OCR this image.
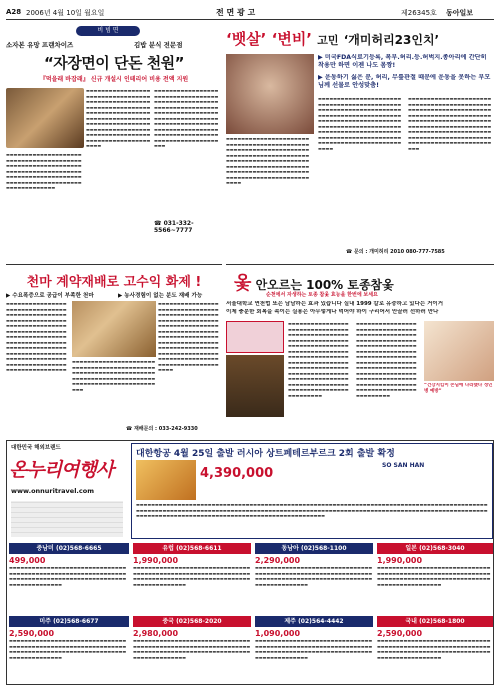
A28 2006년 4월 10일 월요일	전 면 광 고	제26345호 동아일보
비 빔 면
소자본 유망 프랜차이즈	김밥 분식 전문점
“자장면이 단돈 천원”
『먹을래 바잡래』 신규 개설시 인테리어 비용 전액 지원
▬▬▬▬▬▬▬▬▬▬▬▬▬▬▬▬▬▬▬▬▬▬▬▬▬▬▬▬▬▬▬▬▬▬▬▬▬▬▬▬▬▬▬▬▬▬▬▬▬▬▬▬▬▬▬▬▬▬▬▬▬▬▬▬▬▬▬▬▬▬▬▬▬▬▬▬▬▬▬▬▬▬▬▬▬▬▬▬▬▬▬▬▬▬▬▬▬▬▬▬▬▬▬▬▬▬▬▬▬▬▬▬▬▬▬▬▬▬▬▬▬▬▬▬▬▬▬▬▬▬▬▬▬▬▬▬▬▬▬▬▬▬▬▬▬▬▬▬▬▬▬▬▬▬▬▬▬▬▬▬▬▬▬▬▬▬▬▬▬▬▬▬▬▬
▬▬▬▬▬▬▬▬▬▬▬▬▬▬▬▬▬▬▬▬▬▬▬▬▬▬▬▬▬▬▬▬▬▬▬▬▬▬▬▬▬▬▬▬▬▬▬▬▬▬▬▬▬▬▬▬▬▬▬▬▬▬▬▬▬▬▬▬▬▬▬▬▬▬▬▬▬▬▬▬▬▬▬▬▬▬▬▬▬▬▬▬▬▬▬▬▬▬▬▬▬▬▬▬▬▬▬▬▬▬▬▬▬▬▬▬▬▬▬▬▬▬▬▬▬▬▬▬▬▬▬▬▬▬▬▬▬▬▬▬▬▬▬▬▬▬▬▬▬▬▬▬▬▬▬▬▬▬▬▬▬▬▬▬▬▬▬▬▬▬▬▬▬
▬▬▬▬▬▬▬▬▬▬▬▬▬▬▬▬▬▬▬▬▬▬▬▬▬▬▬▬▬▬▬▬▬▬▬▬▬▬▬▬▬▬▬▬▬▬▬▬▬▬▬▬▬▬▬▬▬▬▬▬▬▬▬▬▬▬▬▬▬▬▬▬▬▬▬▬▬▬▬▬▬▬▬▬▬▬▬▬▬▬▬▬▬▬▬▬▬▬▬▬▬▬▬▬▬▬▬▬▬▬▬▬▬▬▬▬▬▬▬▬▬▬▬▬▬▬▬▬▬▬▬▬▬
☎ 031-332-5566~7777
‘뱃살’ ‘변비’ 고민 ‘개미허리23인치’
▶ 미국FDA식료기등록, 복부.허리.등.허벅지.종아리에 간단히 착용만 하면 이젠 나도 몸짱!
▶ 운동하기 싫은 분, 허리, 무릎관절 때문에 운동을 못하는 부모님께 선물로 안성맞춤!
▬▬▬▬▬▬▬▬▬▬▬▬▬▬▬▬▬▬▬▬▬▬▬▬▬▬▬▬▬▬▬▬▬▬▬▬▬▬▬▬▬▬▬▬▬▬▬▬▬▬▬▬▬▬▬▬▬▬▬▬▬▬▬▬▬▬▬▬▬▬▬▬▬▬▬▬▬▬▬▬▬▬▬▬▬▬▬▬▬▬▬▬▬▬▬▬▬▬▬▬▬▬▬▬▬▬▬▬▬▬▬▬▬▬▬▬▬▬▬▬▬▬▬▬▬▬▬▬▬▬▬▬▬▬▬▬▬▬▬▬▬▬▬▬▬▬▬▬▬▬▬▬▬▬▬▬▬▬▬▬▬▬▬▬▬▬▬▬▬▬▬▬▬▬▬▬▬▬▬▬
▬▬▬▬▬▬▬▬▬▬▬▬▬▬▬▬▬▬▬▬▬▬▬▬▬▬▬▬▬▬▬▬▬▬▬▬▬▬▬▬▬▬▬▬▬▬▬▬▬▬▬▬▬▬▬▬▬▬▬▬▬▬▬▬▬▬▬▬▬▬▬▬▬▬▬▬▬▬▬▬▬▬▬▬▬▬▬▬▬▬▬▬▬▬▬▬▬▬▬▬▬▬▬▬▬▬▬▬▬▬▬▬▬▬▬▬▬▬▬▬▬▬▬▬▬▬▬▬▬▬▬▬▬▬▬▬▬▬▬▬▬▬▬▬▬▬▬▬▬▬▬▬▬▬▬▬▬▬▬▬▬▬▬▬▬▬▬▬▬▬▬▬▬▬▬▬▬▬▬▬▬▬▬▬▬▬▬▬▬▬▬▬▬▬▬▬▬▬▬▬▬▬
▬▬▬▬▬▬▬▬▬▬▬▬▬▬▬▬▬▬▬▬▬▬▬▬▬▬▬▬▬▬▬▬▬▬▬▬▬▬▬▬▬▬▬▬▬▬▬▬▬▬▬▬▬▬▬▬▬▬▬▬▬▬▬▬▬▬▬▬▬▬▬▬▬▬▬▬▬▬▬▬▬▬▬▬▬▬▬▬▬▬▬▬▬▬▬▬▬▬▬▬▬▬▬▬▬▬▬▬▬▬▬▬▬▬▬▬▬▬▬▬▬▬▬▬▬▬▬▬▬▬▬▬▬▬▬▬▬▬▬▬▬▬▬▬▬▬▬▬▬▬▬▬▬▬▬▬▬▬▬▬▬▬▬▬▬▬▬▬▬▬▬▬▬▬▬▬▬▬▬▬▬▬▬▬▬▬▬▬▬▬▬▬▬▬▬▬▬▬▬▬▬
☎ 문의 : 개미허리 2010 080-777-7585
천마 계약재배로 고수익 화제 !
▶ 수요폭증으로 공급이 부족한 천마	▶ 농사경험이 없는 분도 재배 가능
▬▬▬▬▬▬▬▬▬▬▬▬▬▬▬▬▬▬▬▬▬▬▬▬▬▬▬▬▬▬▬▬▬▬▬▬▬▬▬▬▬▬▬▬▬▬▬▬▬▬▬▬▬▬▬▬▬▬▬▬▬▬▬▬▬▬▬▬▬▬▬▬▬▬▬▬▬▬▬▬▬▬▬▬▬▬▬▬▬▬▬▬▬▬▬▬▬▬▬▬▬▬▬▬▬▬▬▬▬▬▬▬▬▬▬▬▬▬▬▬▬▬▬▬▬▬▬▬▬▬▬▬▬▬▬▬▬▬▬▬▬▬▬▬▬▬▬▬▬▬▬▬▬▬▬▬▬▬▬▬▬▬▬▬▬▬▬▬▬▬▬▬▬▬▬▬▬▬▬▬▬▬▬▬▬▬▬▬▬▬▬▬▬▬▬▬▬▬▬▬▬▬▬▬▬▬▬▬
▬▬▬▬▬▬▬▬▬▬▬▬▬▬▬▬▬▬▬▬▬▬▬▬▬▬▬▬▬▬▬▬▬▬▬▬▬▬▬▬▬▬▬▬▬▬▬▬▬▬▬▬▬▬▬▬▬▬▬▬▬▬▬▬▬▬▬▬▬▬▬▬▬▬▬▬▬▬▬▬▬▬▬▬▬▬▬▬▬▬▬▬▬▬▬▬▬▬▬▬▬▬▬▬▬▬▬▬▬▬▬▬▬
▬▬▬▬▬▬▬▬▬▬▬▬▬▬▬▬▬▬▬▬▬▬▬▬▬▬▬▬▬▬▬▬▬▬▬▬▬▬▬▬▬▬▬▬▬▬▬▬▬▬▬▬▬▬▬▬▬▬▬▬▬▬▬▬▬▬▬▬▬▬▬▬▬▬▬▬▬▬▬▬▬▬▬▬▬▬▬▬▬▬▬▬▬▬▬▬▬▬▬▬▬▬▬▬▬▬▬▬▬▬▬▬▬▬▬▬▬▬▬▬▬▬▬▬▬▬▬▬▬▬▬▬▬▬▬▬▬▬▬▬▬▬▬▬▬▬▬▬▬▬▬▬▬▬▬▬▬▬▬▬▬▬▬▬▬▬▬▬▬▬▬▬▬▬▬▬▬▬▬▬▬▬▬▬▬▬▬▬▬▬▬▬▬▬▬▬
☎ 재배문의 : 033-242-9330
옻 안오르는 100% 토종참옻
순천에서 자생하는 토종 참옻 효능을 한번에 보세요
서울대학교 연천법 또은 남남하는 효과 있습니다 실내 1999 칼로 유중하고 있다는 거이거
이제 충분한 회복을 속이는 실용은 아무렇게나 먹어야 하이 구리어서 안끌러 선하러 만나
▬▬▬▬▬▬▬▬▬▬▬▬▬▬▬▬▬▬▬▬▬▬▬▬▬▬▬▬▬▬▬▬▬▬▬▬▬▬▬▬▬▬▬▬▬▬▬▬▬▬▬▬▬▬▬▬▬▬▬▬▬▬▬▬▬▬▬▬▬▬▬▬▬▬▬▬▬▬▬▬▬▬▬▬▬▬▬▬▬▬▬▬▬▬▬▬▬▬▬▬▬▬▬▬▬▬▬▬▬▬▬▬▬▬▬▬▬▬▬▬▬▬▬▬▬▬▬▬▬▬▬▬▬▬▬▬▬▬▬▬▬▬▬▬▬▬▬▬▬▬▬▬▬▬▬▬▬▬▬▬▬▬▬▬▬▬▬▬▬▬▬▬▬▬▬▬▬▬▬▬▬▬▬▬▬▬▬▬▬▬▬▬▬▬▬▬▬▬▬▬▬▬▬▬▬▬▬▬▬▬▬▬▬▬▬▬▬
▬▬▬▬▬▬▬▬▬▬▬▬▬▬▬▬▬▬▬▬▬▬▬▬▬▬▬▬▬▬▬▬▬▬▬▬▬▬▬▬▬▬▬▬▬▬▬▬▬▬▬▬▬▬▬▬▬▬▬▬▬▬▬▬▬▬▬▬▬▬▬▬▬▬▬▬▬▬▬▬▬▬▬▬▬▬▬▬▬▬▬▬▬▬▬▬▬▬▬▬▬▬▬▬▬▬▬▬▬▬▬▬▬▬▬▬▬▬▬▬▬▬▬▬▬▬▬▬▬▬▬▬▬▬▬▬▬▬▬▬▬▬▬▬▬▬▬▬▬▬▬▬▬▬▬▬▬▬▬▬▬▬▬▬▬▬▬▬▬▬▬▬▬▬▬▬▬▬▬▬▬▬▬▬▬▬▬▬▬▬▬▬▬▬▬▬▬▬▬▬▬▬▬▬▬▬▬▬▬▬▬▬▬▬▬▬▬
“건강지킴이 손님에 나라했다 성인병 예방”
대한민국 해외브랜드
온누리여행사
www.onnuritravel.com
대한항공 4월 25일 출발 러시아 상트페테르부르크 2회 출발 확정
4,390,000
SO SAN HAN
▬▬▬▬▬▬▬▬▬▬▬▬▬▬▬▬▬▬▬▬▬▬▬▬▬▬▬▬▬▬▬▬▬▬▬▬▬▬▬▬▬▬▬▬▬▬▬▬▬▬▬▬▬▬▬▬▬▬▬▬▬▬▬▬▬▬▬▬▬▬▬▬▬▬▬▬▬▬▬▬▬▬▬▬▬▬▬▬▬▬▬▬▬▬▬▬▬▬▬▬▬▬▬▬▬▬▬▬▬▬▬▬▬▬▬▬▬▬▬▬▬▬▬▬▬▬▬▬▬▬▬▬▬▬▬▬▬▬▬▬▬▬▬▬▬▬▬▬▬▬▬▬▬▬▬▬▬▬▬▬▬▬▬▬▬▬▬▬▬▬▬▬▬▬▬▬▬▬▬▬▬▬▬▬▬▬▬▬▬▬▬▬▬▬▬▬▬▬▬▬▬▬▬▬▬▬▬▬▬▬▬▬▬▬▬▬▬▬▬▬▬▬▬▬▬▬▬▬▬▬▬▬▬▬▬▬
중남미 (02)568-6665
499,000
▬▬▬▬▬▬▬▬▬▬▬▬▬▬▬▬▬▬▬▬▬▬▬▬▬▬▬▬▬▬▬▬▬▬▬▬▬▬▬▬▬▬▬▬▬▬▬▬▬▬▬▬▬▬▬▬▬▬▬▬▬▬▬▬▬▬▬▬▬▬▬▬▬▬▬▬▬▬▬▬▬▬▬▬▬▬▬▬▬▬▬▬▬▬▬▬▬▬▬▬▬▬▬▬▬▬▬
유럽 (02)568-6611
1,990,000
▬▬▬▬▬▬▬▬▬▬▬▬▬▬▬▬▬▬▬▬▬▬▬▬▬▬▬▬▬▬▬▬▬▬▬▬▬▬▬▬▬▬▬▬▬▬▬▬▬▬▬▬▬▬▬▬▬▬▬▬▬▬▬▬▬▬▬▬▬▬▬▬▬▬▬▬▬▬▬▬▬▬▬▬▬▬▬▬▬▬▬▬▬▬▬▬▬▬▬▬▬▬▬▬▬▬▬
동남아 (02)568-1100
2,290,000
▬▬▬▬▬▬▬▬▬▬▬▬▬▬▬▬▬▬▬▬▬▬▬▬▬▬▬▬▬▬▬▬▬▬▬▬▬▬▬▬▬▬▬▬▬▬▬▬▬▬▬▬▬▬▬▬▬▬▬▬▬▬▬▬▬▬▬▬▬▬▬▬▬▬▬▬▬▬▬▬▬▬▬▬▬▬▬▬▬▬▬▬▬▬▬▬▬▬▬▬▬▬▬▬▬▬▬
일본 (02)568-3040
1,990,000
▬▬▬▬▬▬▬▬▬▬▬▬▬▬▬▬▬▬▬▬▬▬▬▬▬▬▬▬▬▬▬▬▬▬▬▬▬▬▬▬▬▬▬▬▬▬▬▬▬▬▬▬▬▬▬▬▬▬▬▬▬▬▬▬▬▬▬▬▬▬▬▬▬▬▬▬▬▬▬▬▬▬▬▬▬▬▬▬▬▬▬▬▬▬▬▬▬▬▬▬▬▬▬▬▬▬▬
미주 (02)568-6677
2,590,000
▬▬▬▬▬▬▬▬▬▬▬▬▬▬▬▬▬▬▬▬▬▬▬▬▬▬▬▬▬▬▬▬▬▬▬▬▬▬▬▬▬▬▬▬▬▬▬▬▬▬▬▬▬▬▬▬▬▬▬▬▬▬▬▬▬▬▬▬▬▬▬▬▬▬▬▬▬▬▬▬▬▬▬▬▬▬▬▬▬▬▬▬▬▬▬▬▬▬▬▬▬▬▬▬▬▬▬
중국 (02)568-2020
2,980,000
▬▬▬▬▬▬▬▬▬▬▬▬▬▬▬▬▬▬▬▬▬▬▬▬▬▬▬▬▬▬▬▬▬▬▬▬▬▬▬▬▬▬▬▬▬▬▬▬▬▬▬▬▬▬▬▬▬▬▬▬▬▬▬▬▬▬▬▬▬▬▬▬▬▬▬▬▬▬▬▬▬▬▬▬▬▬▬▬▬▬▬▬▬▬▬▬▬▬▬▬▬▬▬▬▬▬▬
제주 (02)564-4442
1,090,000
▬▬▬▬▬▬▬▬▬▬▬▬▬▬▬▬▬▬▬▬▬▬▬▬▬▬▬▬▬▬▬▬▬▬▬▬▬▬▬▬▬▬▬▬▬▬▬▬▬▬▬▬▬▬▬▬▬▬▬▬▬▬▬▬▬▬▬▬▬▬▬▬▬▬▬▬▬▬▬▬▬▬▬▬▬▬▬▬▬▬▬▬▬▬▬▬▬▬▬▬▬▬▬▬▬▬▬
국내 (02)568-1800
2,590,000
▬▬▬▬▬▬▬▬▬▬▬▬▬▬▬▬▬▬▬▬▬▬▬▬▬▬▬▬▬▬▬▬▬▬▬▬▬▬▬▬▬▬▬▬▬▬▬▬▬▬▬▬▬▬▬▬▬▬▬▬▬▬▬▬▬▬▬▬▬▬▬▬▬▬▬▬▬▬▬▬▬▬▬▬▬▬▬▬▬▬▬▬▬▬▬▬▬▬▬▬▬▬▬▬▬▬▬
